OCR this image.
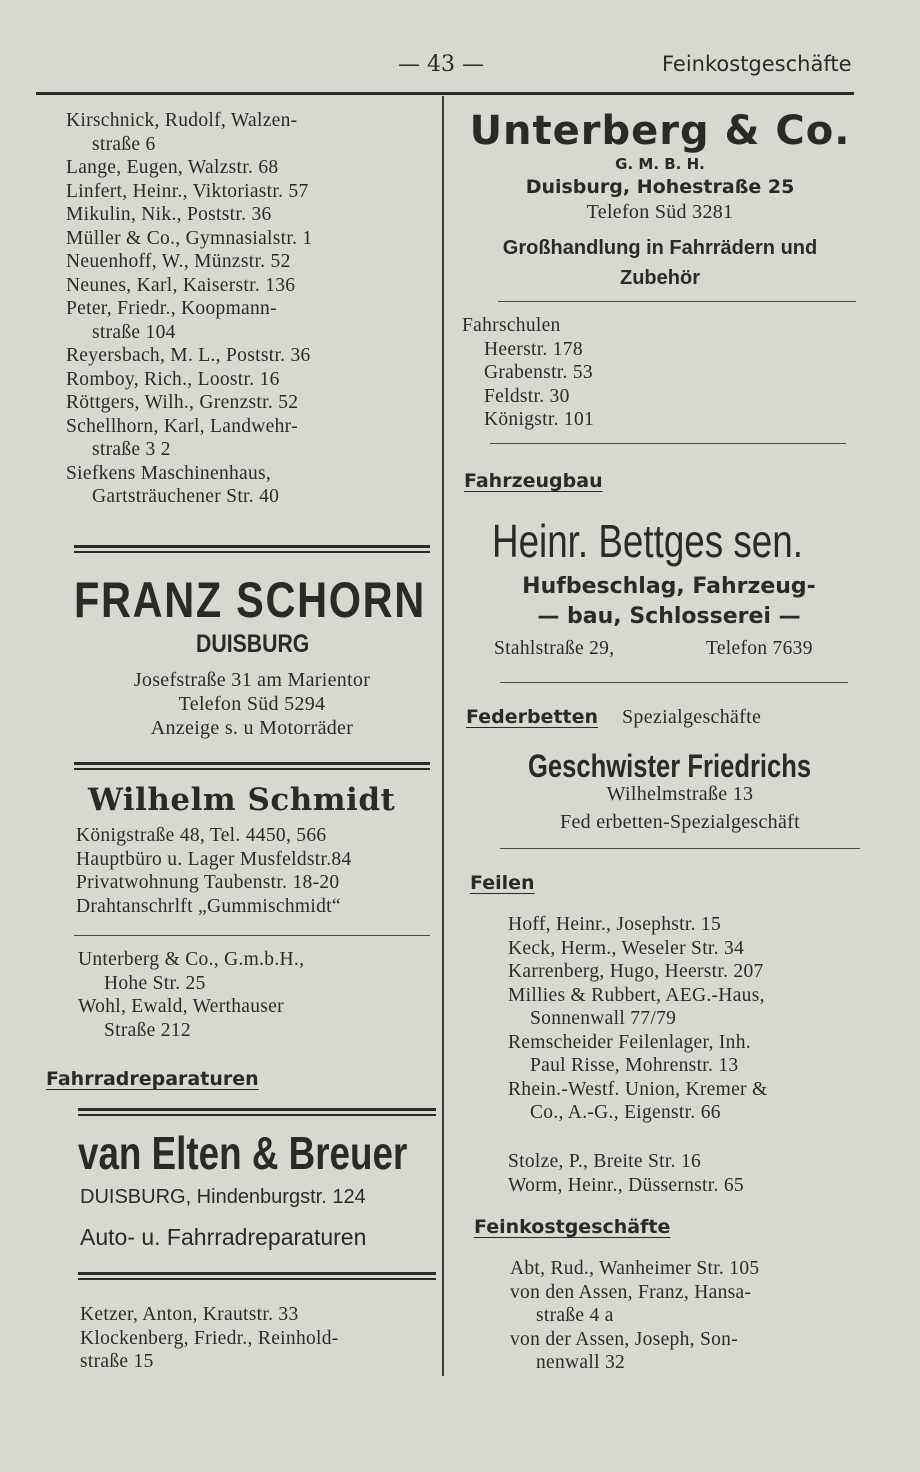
— 43 —	Feinkostgeschäfte
Kirschnick, Rudolf, Walzen-
straße 6
Lange, Eugen, Walzstr. 68
Linfert, Heinr., Viktoriastr. 57
Mikulin, Nik., Poststr. 36
Müller & Co., Gymnasialstr. 1
Neuenhoff, W., Münzstr. 52
Neunes, Karl, Kaiserstr. 136
Peter, Friedr., Koopmann-
straße 104
Reyersbach, M. L., Poststr. 36
Romboy, Rich., Loostr. 16
Röttgers, Wilh., Grenzstr. 52
Schellhorn, Karl, Landwehr-
straße 3 2
Siefkens Maschinenhaus,
Gartsträuchener Str. 40
FRANZ SCHORN
DUISBURG
Josefstraße 31 am Marientor
Telefon Süd 5294
Anzeige s. u Motorräder
Wilhelm Schmidt
Königstraße 48, Tel. 4450, 566
Hauptbüro u. Lager Musfeldstr.84
Privatwohnung Taubenstr. 18-20
Drahtanschrlft „Gummischmidt“
Unterberg & Co., G.m.b.H.,
Hohe Str. 25
Wohl, Ewald, Werthauser
Straße 212
Fahrradreparaturen
van Elten & Breuer
DUISBURG, Hindenburgstr. 124
Auto- u. Fahrradreparaturen
Ketzer, Anton, Krautstr. 33
Klockenberg, Friedr., Reinhold-
straße 15
Unterberg & Co.
G. M. B. H.
Duisburg, Hohestraße 25
Telefon Süd 3281
Großhandlung in Fahrrädern und
Zubehör
Fahrschulen
Heerstr. 178
Grabenstr. 53
Feldstr. 30
Königstr. 101
Fahrzeugbau
Heinr. Bettges sen.
Hufbeschlag, Fahrzeug-
— bau, Schlosserei —
Stahlstraße 29,	Telefon 7639
Federbetten Spezialgeschäfte
Geschwister Friedrichs
Wilhelmstraße 13
Fed erbetten-Spezialgeschäft
Feilen
Hoff, Heinr., Josephstr. 15
Keck, Herm., Weseler Str. 34
Karrenberg, Hugo, Heerstr. 207
Millies & Rubbert, AEG.-Haus,
Sonnenwall 77/79
Remscheider Feilenlager, Inh.
Paul Risse, Mohrenstr. 13
Rhein.-Westf. Union, Kremer &
Co., A.-G., Eigenstr. 66
Stolze, P., Breite Str. 16
Worm, Heinr., Düssernstr. 65
Feinkostgeschäfte
Abt, Rud., Wanheimer Str. 105
von den Assen, Franz, Hansa-
straße 4 a
von der Assen, Joseph, Son-
nenwall 32
